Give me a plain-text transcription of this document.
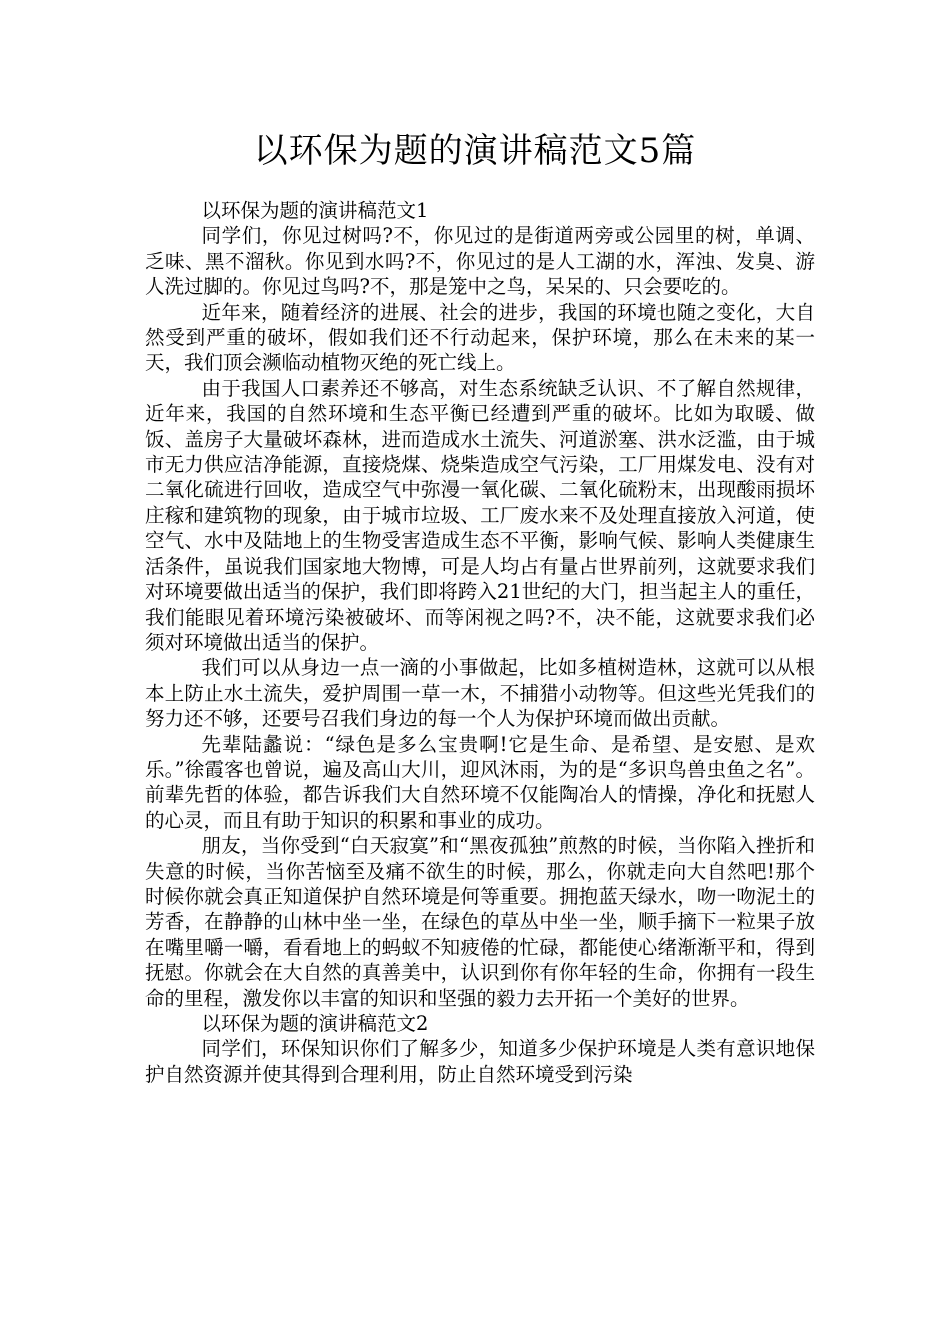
以环保为题的演讲稿范文5篇

以环保为题的演讲稿范文1

同学们，你见过树吗?不，你见过的是街道两旁或公园里的树，单调、乏味、黑不溜秋。你见到水吗?不，你见过的是人工湖的水，浑浊、发臭、游人洗过脚的。你见过鸟吗?不，那是笼中之鸟，呆呆的、只会要吃的。

近年来，随着经济的进展、社会的进步，我国的环境也随之变化，大自然受到严重的破坏，假如我们还不行动起来，保护环境，那么在未来的某一天，我们顶会濒临动植物灭绝的死亡线上。

由于我国人口素养还不够高，对生态系统缺乏认识、不了解自然规律，近年来，我国的自然环境和生态平衡已经遭到严重的破坏。比如为取暖、做饭、盖房子大量破坏森林，进而造成水土流失、河道淤塞、洪水泛滥，由于城市无力供应洁净能源，直接烧煤、烧柴造成空气污染，工厂用煤发电、没有对二氧化硫进行回收，造成空气中弥漫一氧化碳、二氧化硫粉末，出现酸雨损坏庄稼和建筑物的现象，由于城市垃圾、工厂废水来不及处理直接放入河道，使空气、水中及陆地上的生物受害造成生态不平衡，影响气候、影响人类健康生活条件，虽说我们国家地大物博，可是人均占有量占世界前列，这就要求我们对环境要做出适当的保护，我们即将跨入21世纪的大门，担当起主人的重任，我们能眼见着环境污染被破坏、而等闲视之吗?不，决不能，这就要求我们必须对环境做出适当的保护。

我们可以从身边一点一滴的小事做起，比如多植树造林，这就可以从根本上防止水土流失，爱护周围一草一木，不捕猎小动物等。但这些光凭我们的努力还不够，还要号召我们身边的每一个人为保护环境而做出贡献。

先辈陆蠡说：“绿色是多么宝贵啊!它是生命、是希望、是安慰、是欢乐。”徐霞客也曾说，遍及高山大川，迎风沐雨，为的是“多识鸟兽虫鱼之名”。前辈先哲的体验，都告诉我们大自然环境不仅能陶冶人的情操，净化和抚慰人的心灵，而且有助于知识的积累和事业的成功。

朋友，当你受到“白天寂寞”和“黑夜孤独”煎熬的时候，当你陷入挫折和失意的时候，当你苦恼至及痛不欲生的时候，那么，你就走向大自然吧!那个时候你就会真正知道保护自然环境是何等重要。拥抱蓝天绿水，吻一吻泥土的芳香，在静静的山林中坐一坐，在绿色的草丛中坐一坐，顺手摘下一粒果子放在嘴里嚼一嚼，看看地上的蚂蚁不知疲倦的忙碌，都能使心绪渐渐平和，得到抚慰。你就会在大自然的真善美中，认识到你有你年轻的生命，你拥有一段生命的里程，激发你以丰富的知识和坚强的毅力去开拓一个美好的世界。

以环保为题的演讲稿范文2

同学们，环保知识你们了解多少，知道多少保护环境是人类有意识地保护自然资源并使其得到合理利用，防止自然环境受到污染
